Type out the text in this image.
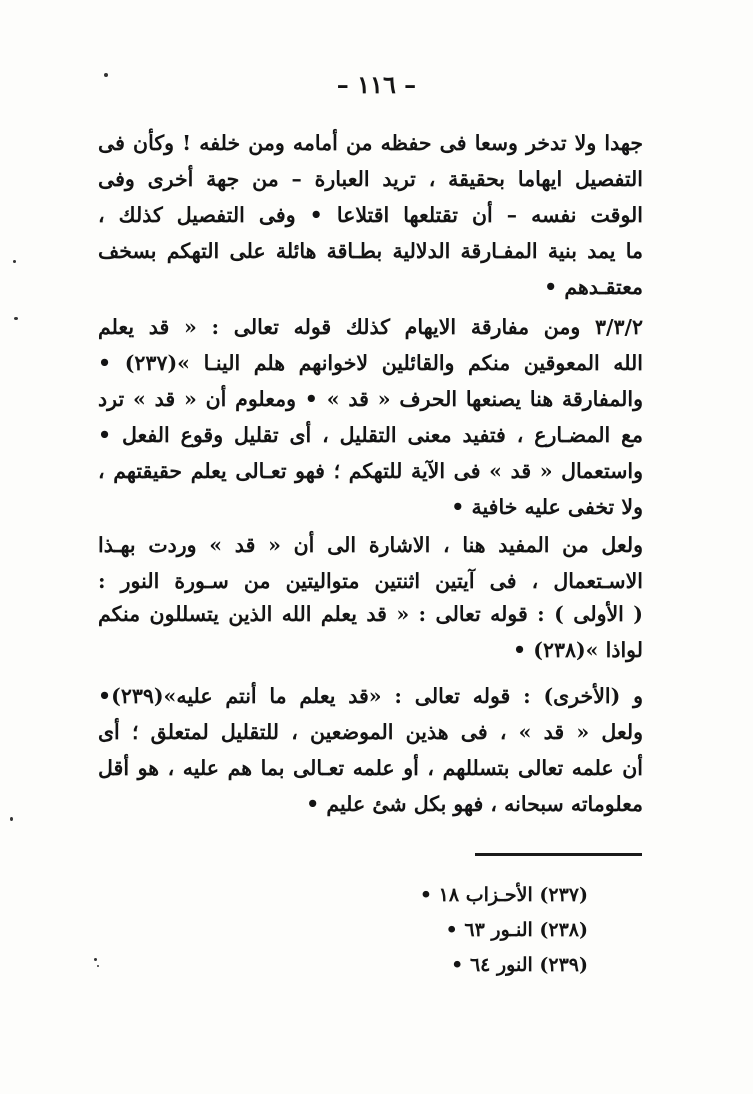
– ١١٦ –
جهدا ولا تدخر وسعا فى حفظه من أمامه ومن خلفه ! وكأن فى
التفصيل ايهاما بحقيقة ، تريد العبارة – من جهة أخرى وفى
الوقت نفسه – أن تقتلعها اقتلاعا • وفى التفصيل كذلك ،
ما يمد بنية المفـارقة الدلالية بطـاقة هائلة على التهكم بسخف
معتقـدهم •
٣/٣/٢ ومن مفارقة الايهام كذلك قوله تعالى : « قد يعلم
الله المعوقين منكم والقائلين لاخوانهم هلم الينـا »(٢٣٧) •
والمفارقة هنا يصنعها الحرف « قد » • ومعلوم أن « قد » ترد
مع المضـارع ، فتفيد معنى التقليل ، أى تقليل وقوع الفعل •
واستعمال « قد » فى الآية للتهكم ؛ فهو تعـالى يعلم حقيقتهم ،
ولا تخفى عليه خافية •
ولعل من المفيد هنا ، الاشارة الى أن « قد » وردت بهـذا
الاسـتعمال ، فى آيتين اثنتين متواليتين من سـورة النور :
( الأولى ) : قوله تعالى : « قد يعلم الله الذين يتسللون منكم
لواذا »(٢٣٨) •
و (الأخرى) : قوله تعالى : «قد يعلم ما أنتم عليه»(٢٣٩)•
ولعل « قد » ، فى هذين الموضعين ، للتقليل لمتعلق ؛ أى
أن علمه تعالى بتسللهم ، أو علمه تعـالى بما هم عليه ، هو أقل
معلوماته سبحانه ، فهو بكل شئ عليم •
(٢٣٧) الأحـزاب ١٨ •
(٢٣٨) النـور ٦٣ •
(٢٣٩) النور ٦٤ •
